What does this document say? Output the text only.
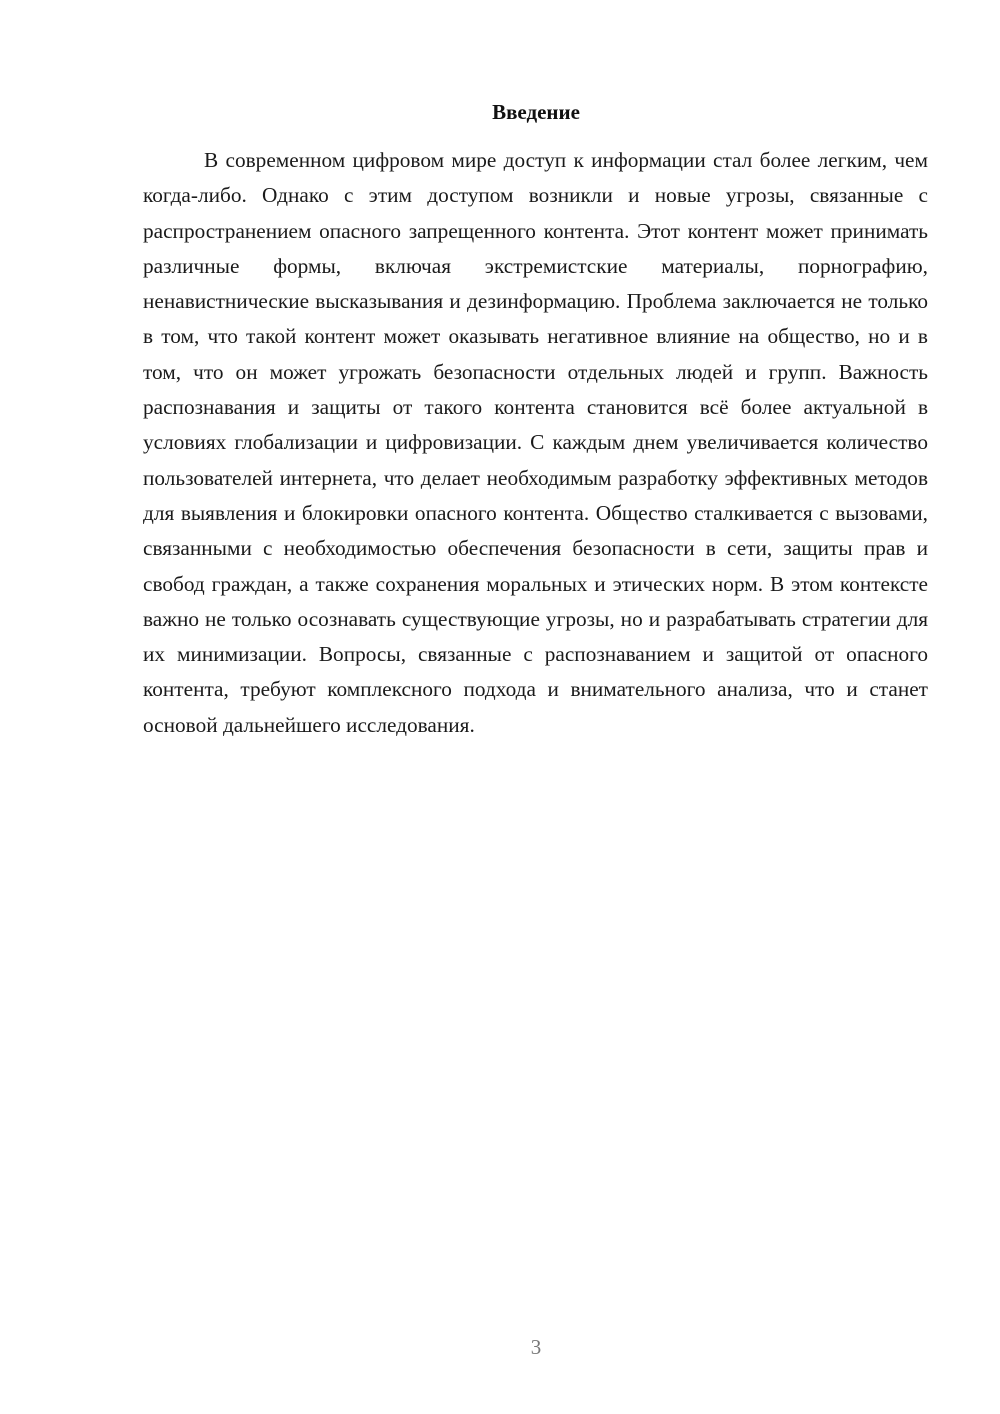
Введение

В современном цифровом мире доступ к информации стал более легким, чем когда-либо. Однако с этим доступом возникли и новые угрозы, связанные с распространением опасного запрещенного контента. Этот контент может принимать различные формы, включая экстремистские материалы, порнографию, ненавистнические высказывания и дезинформацию. Проблема заключается не только в том, что такой контент может оказывать негативное влияние на общество, но и в том, что он может угрожать безопасности отдельных людей и групп. Важность распознавания и защиты от такого контента становится всё более актуальной в условиях глобализации и цифровизации. С каждым днем увеличивается количество пользователей интернета, что делает необходимым разработку эффективных методов для выявления и блокировки опасного контента. Общество сталкивается с вызовами, связанными с необходимостью обеспечения безопасности в сети, защиты прав и свобод граждан, а также сохранения моральных и этических норм. В этом контексте важно не только осознавать существующие угрозы, но и разрабатывать стратегии для их минимизации. Вопросы, связанные с распознаванием и защитой от опасного контента, требуют комплексного подхода и внимательного анализа, что и станет основой дальнейшего исследования.

3
